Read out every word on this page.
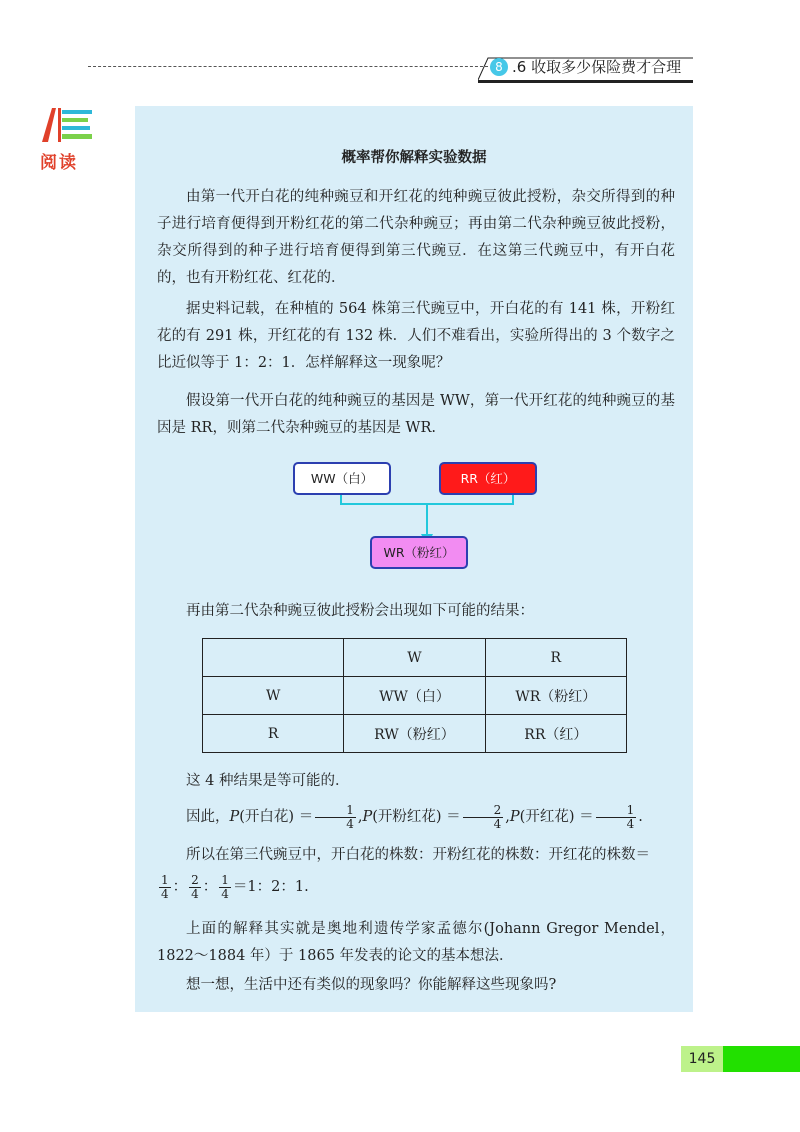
8 .6 收取多少保险费才合理
阅读	概率帮你解释实验数据
由第一代开白花的纯种豌豆和开红花的纯种豌豆彼此授粉，杂交所得到的种子进行培育便得到开粉红花的第二代杂种豌豆；再由第二代杂种豌豆彼此授粉，杂交所得到的种子进行培育便得到第三代豌豆．在这第三代豌豆中，有开白花的，也有开粉红花、红花的．
据史料记载，在种植的 564 株第三代豌豆中，开白花的有 141 株，开粉红花的有 291 株，开红花的有 132 株．人们不难看出，实验所得出的 3 个数字之比近似等于 1：2：1．怎样解释这一现象呢？
假设第一代开白花的纯种豌豆的基因是 WW，第一代开红花的纯种豌豆的基因是 RR，则第二代杂种豌豆的基因是 WR.
WW（白）	RR（红）
WR（粉红）
再由第二代杂种豌豆彼此授粉会出现如下可能的结果：
	W	R
W	WW（白）	WR（粉红）
R	RW（粉红）	RR（红）
这 4 种结果是等可能的．
因此，P(开白花) ＝ $\frac{1}{4} ,P$(开粉红花) ＝ $\frac{2}{4} ,P$(开红花) ＝ $\frac{1}{4}$ .
所以在第三代豌豆中，开白花的株数：开粉红花的株数：开红花的株数＝
$\frac{1}{4}$ ： $\frac{2}{4}$ ： $\frac{1}{4} =1$：2：1.
上面的解释其实就是奥地利遗传学家孟德尔(Johann Gregor Mendel，1822～1884 年）于 1865 年发表的论文的基本想法．
想一想，生活中还有类似的现象吗？你能解释这些现象吗?
145
